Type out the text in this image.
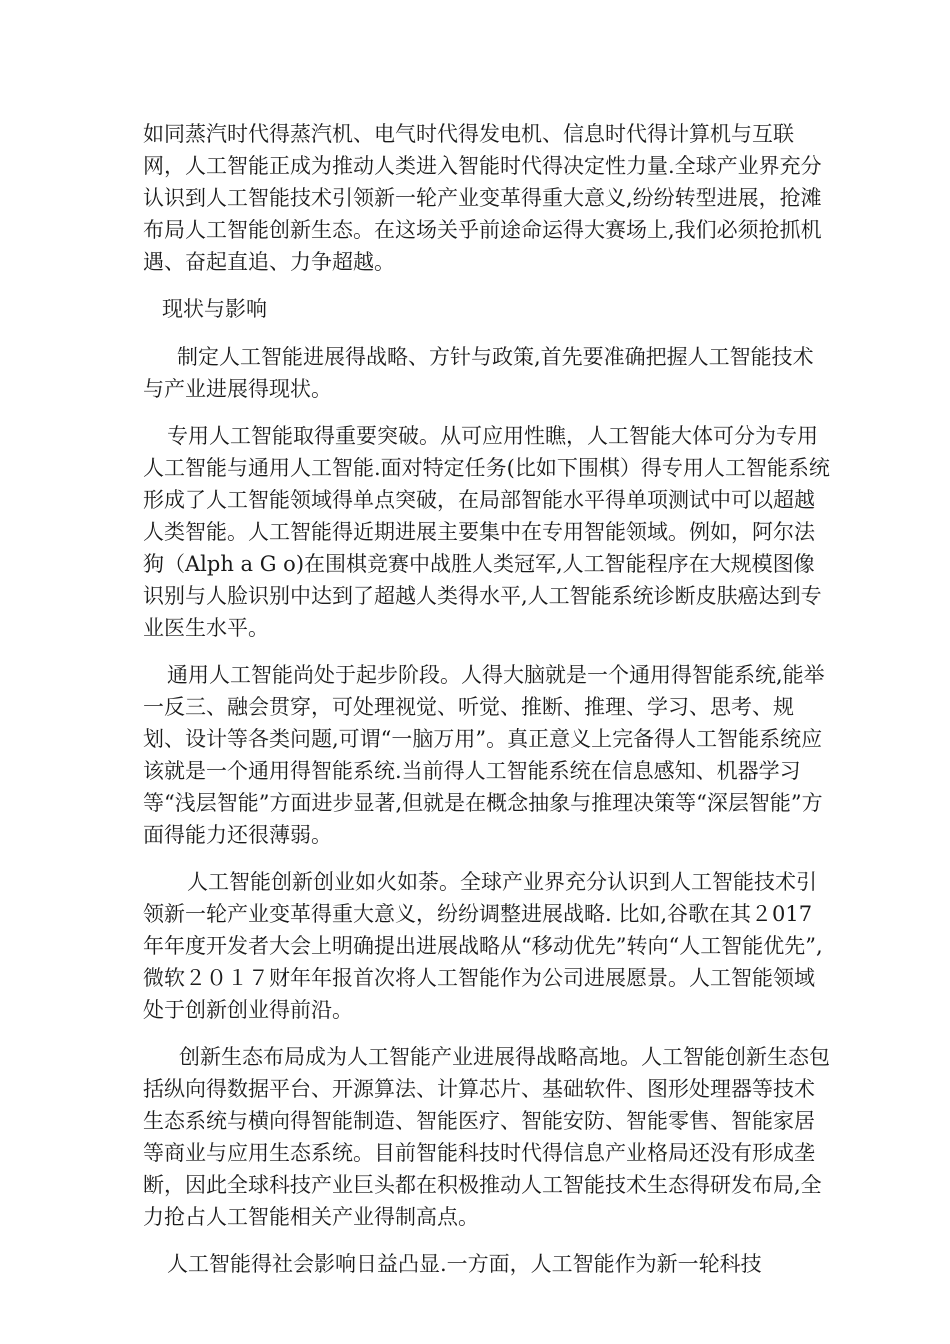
如同蒸汽时代得蒸汽机、电气时代得发电机、信息时代得计算机与互联网，人工智能正成为推动人类进入智能时代得决定性力量.全球产业界充分认识到人工智能技术引领新一轮产业变革得重大意义,纷纷转型进展，抢滩布局人工智能创新生态。在这场关乎前途命运得大赛场上,我们必须抢抓机遇、奋起直追、力争超越。

现状与影响

制定人工智能进展得战略、方针与政策,首先要准确把握人工智能技术与产业进展得现状。

专用人工智能取得重要突破。从可应用性瞧，人工智能大体可分为专用人工智能与通用人工智能.面对特定任务(比如下围棋）得专用人工智能系统形成了人工智能领域得单点突破，在局部智能水平得单项测试中可以超越人类智能。人工智能得近期进展主要集中在专用智能领域。例如，阿尔法狗（Alph a G o)在围棋竞赛中战胜人类冠军,人工智能程序在大规模图像识别与人脸识别中达到了超越人类得水平,人工智能系统诊断皮肤癌达到专业医生水平。

通用人工智能尚处于起步阶段。人得大脑就是一个通用得智能系统,能举一反三、融会贯穿，可处理视觉、听觉、推断、推理、学习、思考、规划、设计等各类问题,可谓“一脑万用”。真正意义上完备得人工智能系统应该就是一个通用得智能系统.当前得人工智能系统在信息感知、机器学习等“浅层智能”方面进步显著,但就是在概念抽象与推理决策等“深层智能”方面得能力还很薄弱。

人工智能创新创业如火如荼。全球产业界充分认识到人工智能技术引领新一轮产业变革得重大意义，纷纷调整进展战略. 比如,谷歌在其２017年年度开发者大会上明确提出进展战略从“移动优先”转向“人工智能优先”,微软２０１７财年年报首次将人工智能作为公司进展愿景。人工智能领域处于创新创业得前沿。

创新生态布局成为人工智能产业进展得战略高地。人工智能创新生态包括纵向得数据平台、开源算法、计算芯片、基础软件、图形处理器等技术生态系统与横向得智能制造、智能医疗、智能安防、智能零售、智能家居等商业与应用生态系统。目前智能科技时代得信息产业格局还没有形成垄断，因此全球科技产业巨头都在积极推动人工智能技术生态得研发布局,全力抢占人工智能相关产业得制高点。

人工智能得社会影响日益凸显.一方面，人工智能作为新一轮科技
